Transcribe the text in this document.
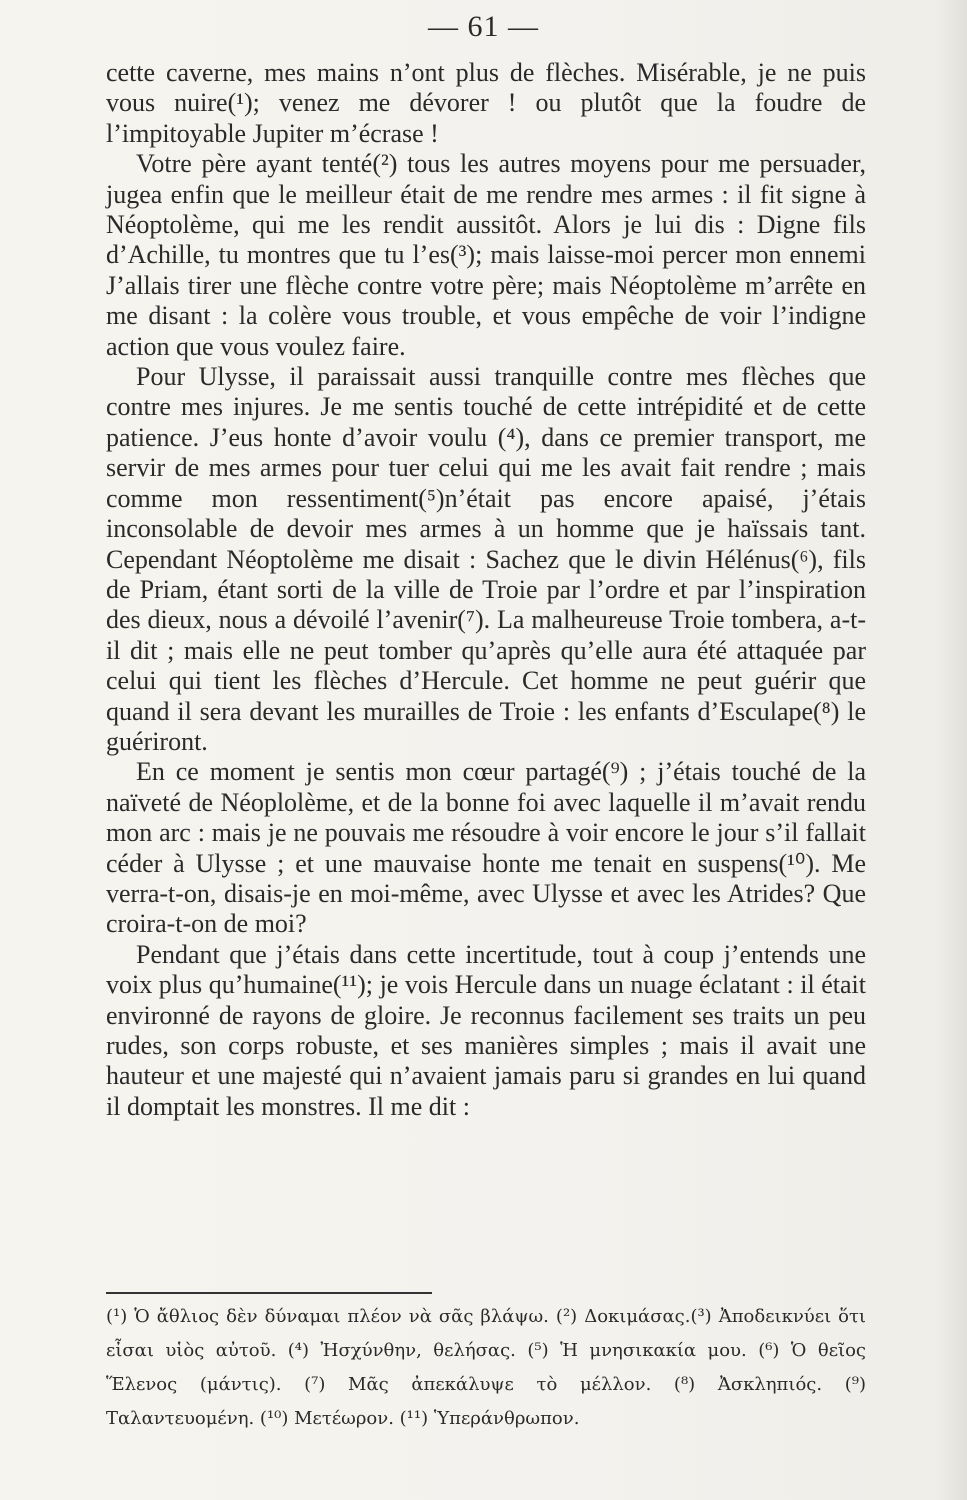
— 61 —

cette caverne, mes mains n’ont plus de flèches. Misérable, je ne puis vous nuire(¹); venez me dévorer ! ou plutôt que la foudre de l’impitoyable Jupiter m’écrase !

Votre père ayant tenté(²) tous les autres moyens pour me persuader, jugea enfin que le meilleur était de me rendre mes armes : il fit signe à Néoptolème, qui me les rendit aussitôt. Alors je lui dis : Digne fils d’Achille, tu montres que tu l’es(³); mais laisse-moi percer mon ennemi J’allais tirer une flèche contre votre père; mais Néoptolème m’arrête en me disant : la colère vous trouble, et vous empêche de voir l’indigne action que vous voulez faire.

Pour Ulysse, il paraissait aussi tranquille contre mes flèches que contre mes injures. Je me sentis touché de cette intrépidité et de cette patience. J’eus honte d’avoir voulu (⁴), dans ce premier transport, me servir de mes armes pour tuer celui qui me les avait fait rendre ; mais comme mon ressentiment(⁵)n’était pas encore apaisé, j’étais inconsolable de devoir mes armes à un homme que je haïssais tant. Cependant Néoptolème me disait : Sachez que le divin Hélénus(⁶), fils de Priam, étant sorti de la ville de Troie par l’ordre et par l’inspiration des dieux, nous a dévoilé l’avenir(⁷). La malheureuse Troie tombera, a-t-il dit ; mais elle ne peut tomber qu’après qu’elle aura été attaquée par celui qui tient les flèches d’Hercule. Cet homme ne peut guérir que quand il sera devant les murailles de Troie : les enfants d’Esculape(⁸) le guériront.

En ce moment je sentis mon cœur partagé(⁹) ; j’étais touché de la naïveté de Néoplolème, et de la bonne foi avec laquelle il m’avait rendu mon arc : mais je ne pouvais me résoudre à voir encore le jour s’il fallait céder à Ulysse ; et une mauvaise honte me tenait en suspens(¹⁰). Me verra-t-on, disais-je en moi-même, avec Ulysse et avec les Atrides? Que croira-t-on de moi?

Pendant que j’étais dans cette incertitude, tout à coup j’entends une voix plus qu’humaine(¹¹); je vois Hercule dans un nuage éclatant : il était environné de rayons de gloire. Je reconnus facilement ses traits un peu rudes, son corps robuste, et ses manières simples ; mais il avait une hauteur et une majesté qui n’avaient jamais paru si grandes en lui quand il domptait les monstres. Il me dit :

(¹) Ὁ ἄθλιος δὲν δύναμαι πλέον νὰ σᾶς βλάψω. (²) Δοκιμάσας.(³) Ἀποδεικνύει ὅτι εἶσαι υἱὸς αὐτοῦ. (⁴) Ἠσχύνθην, θελήσας. (⁵) Ἡ μνησικακία μου. (⁶) Ὁ θεῖος Ἕλενος (μάντις). (⁷) Μᾶς ἀπεκάλυψε τὸ μέλλον. (⁸) Ἀσκληπιός. (⁹) Ταλαντευομένη. (¹⁰) Μετέωρον. (¹¹) Ὑπεράνθρωπον.
